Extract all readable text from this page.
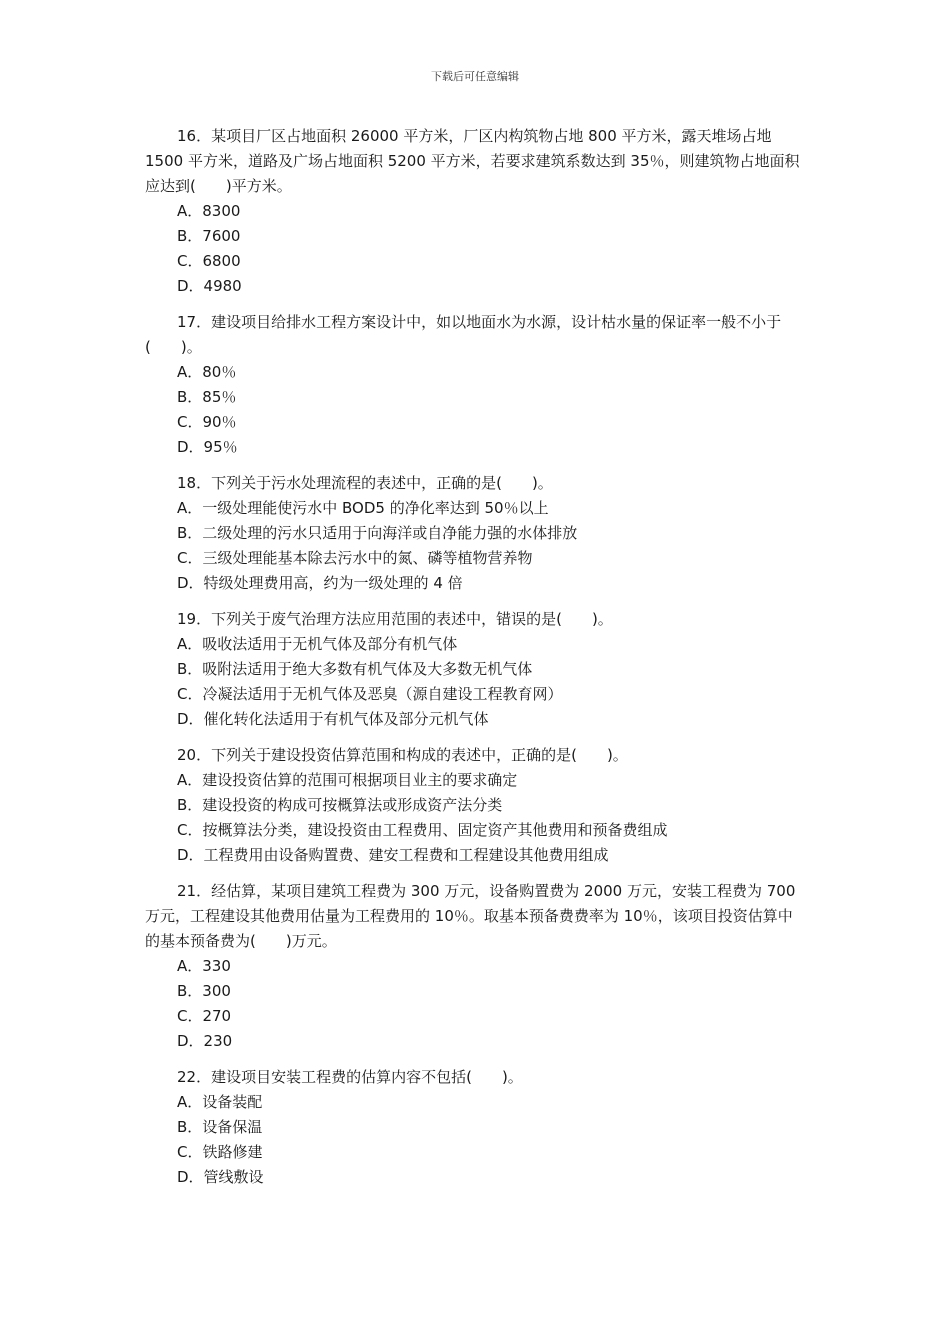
下载后可任意编辑

16．某项目厂区占地面积 26000 平方米，厂区内构筑物占地 800 平方米，露天堆场占地 1500 平方米，道路及广场占地面积 5200 平方米，若要求建筑系数达到 35％，则建筑物占地面积应达到(　　)平方米。

A．8300

B．7600

C．6800

D．4980

17．建设项目给排水工程方案设计中，如以地面水为水源，设计枯水量的保证率一般不小于(　　)。

A．80％

B．85％

C．90％

D．95％

18．下列关于污水处理流程的表述中，正确的是(　　)。

A．一级处理能使污水中 BOD5 的净化率达到 50％以上

B．二级处理的污水只适用于向海洋或自净能力强的水体排放

C．三级处理能基本除去污水中的氮、磷等植物营养物

D．特级处理费用高，约为一级处理的 4 倍

19．下列关于废气治理方法应用范围的表述中，错误的是(　　)。

A．吸收法适用于无机气体及部分有机气体

B．吸附法适用于绝大多数有机气体及大多数无机气体

C．冷凝法适用于无机气体及恶臭（源自建设工程教育网）

D．催化转化法适用于有机气体及部分元机气体

20．下列关于建设投资估算范围和构成的表述中，正确的是(　　)。

A．建设投资估算的范围可根据项目业主的要求确定

B．建设投资的构成可按概算法或形成资产法分类

C．按概算法分类，建设投资由工程费用、固定资产其他费用和预备费组成

D．工程费用由设备购置费、建安工程费和工程建设其他费用组成

21．经估算，某项目建筑工程费为 300 万元，设备购置费为 2000 万元，安装工程费为 700 万元，工程建设其他费用估量为工程费用的 10％。取基本预备费费率为 10％，该项目投资估算中的基本预备费为(　　)万元。

A．330

B．300

C．270

D．230

22．建设项目安装工程费的估算内容不包括(　　)。

A．设备装配

B．设备保温

C．铁路修建

D．管线敷设
